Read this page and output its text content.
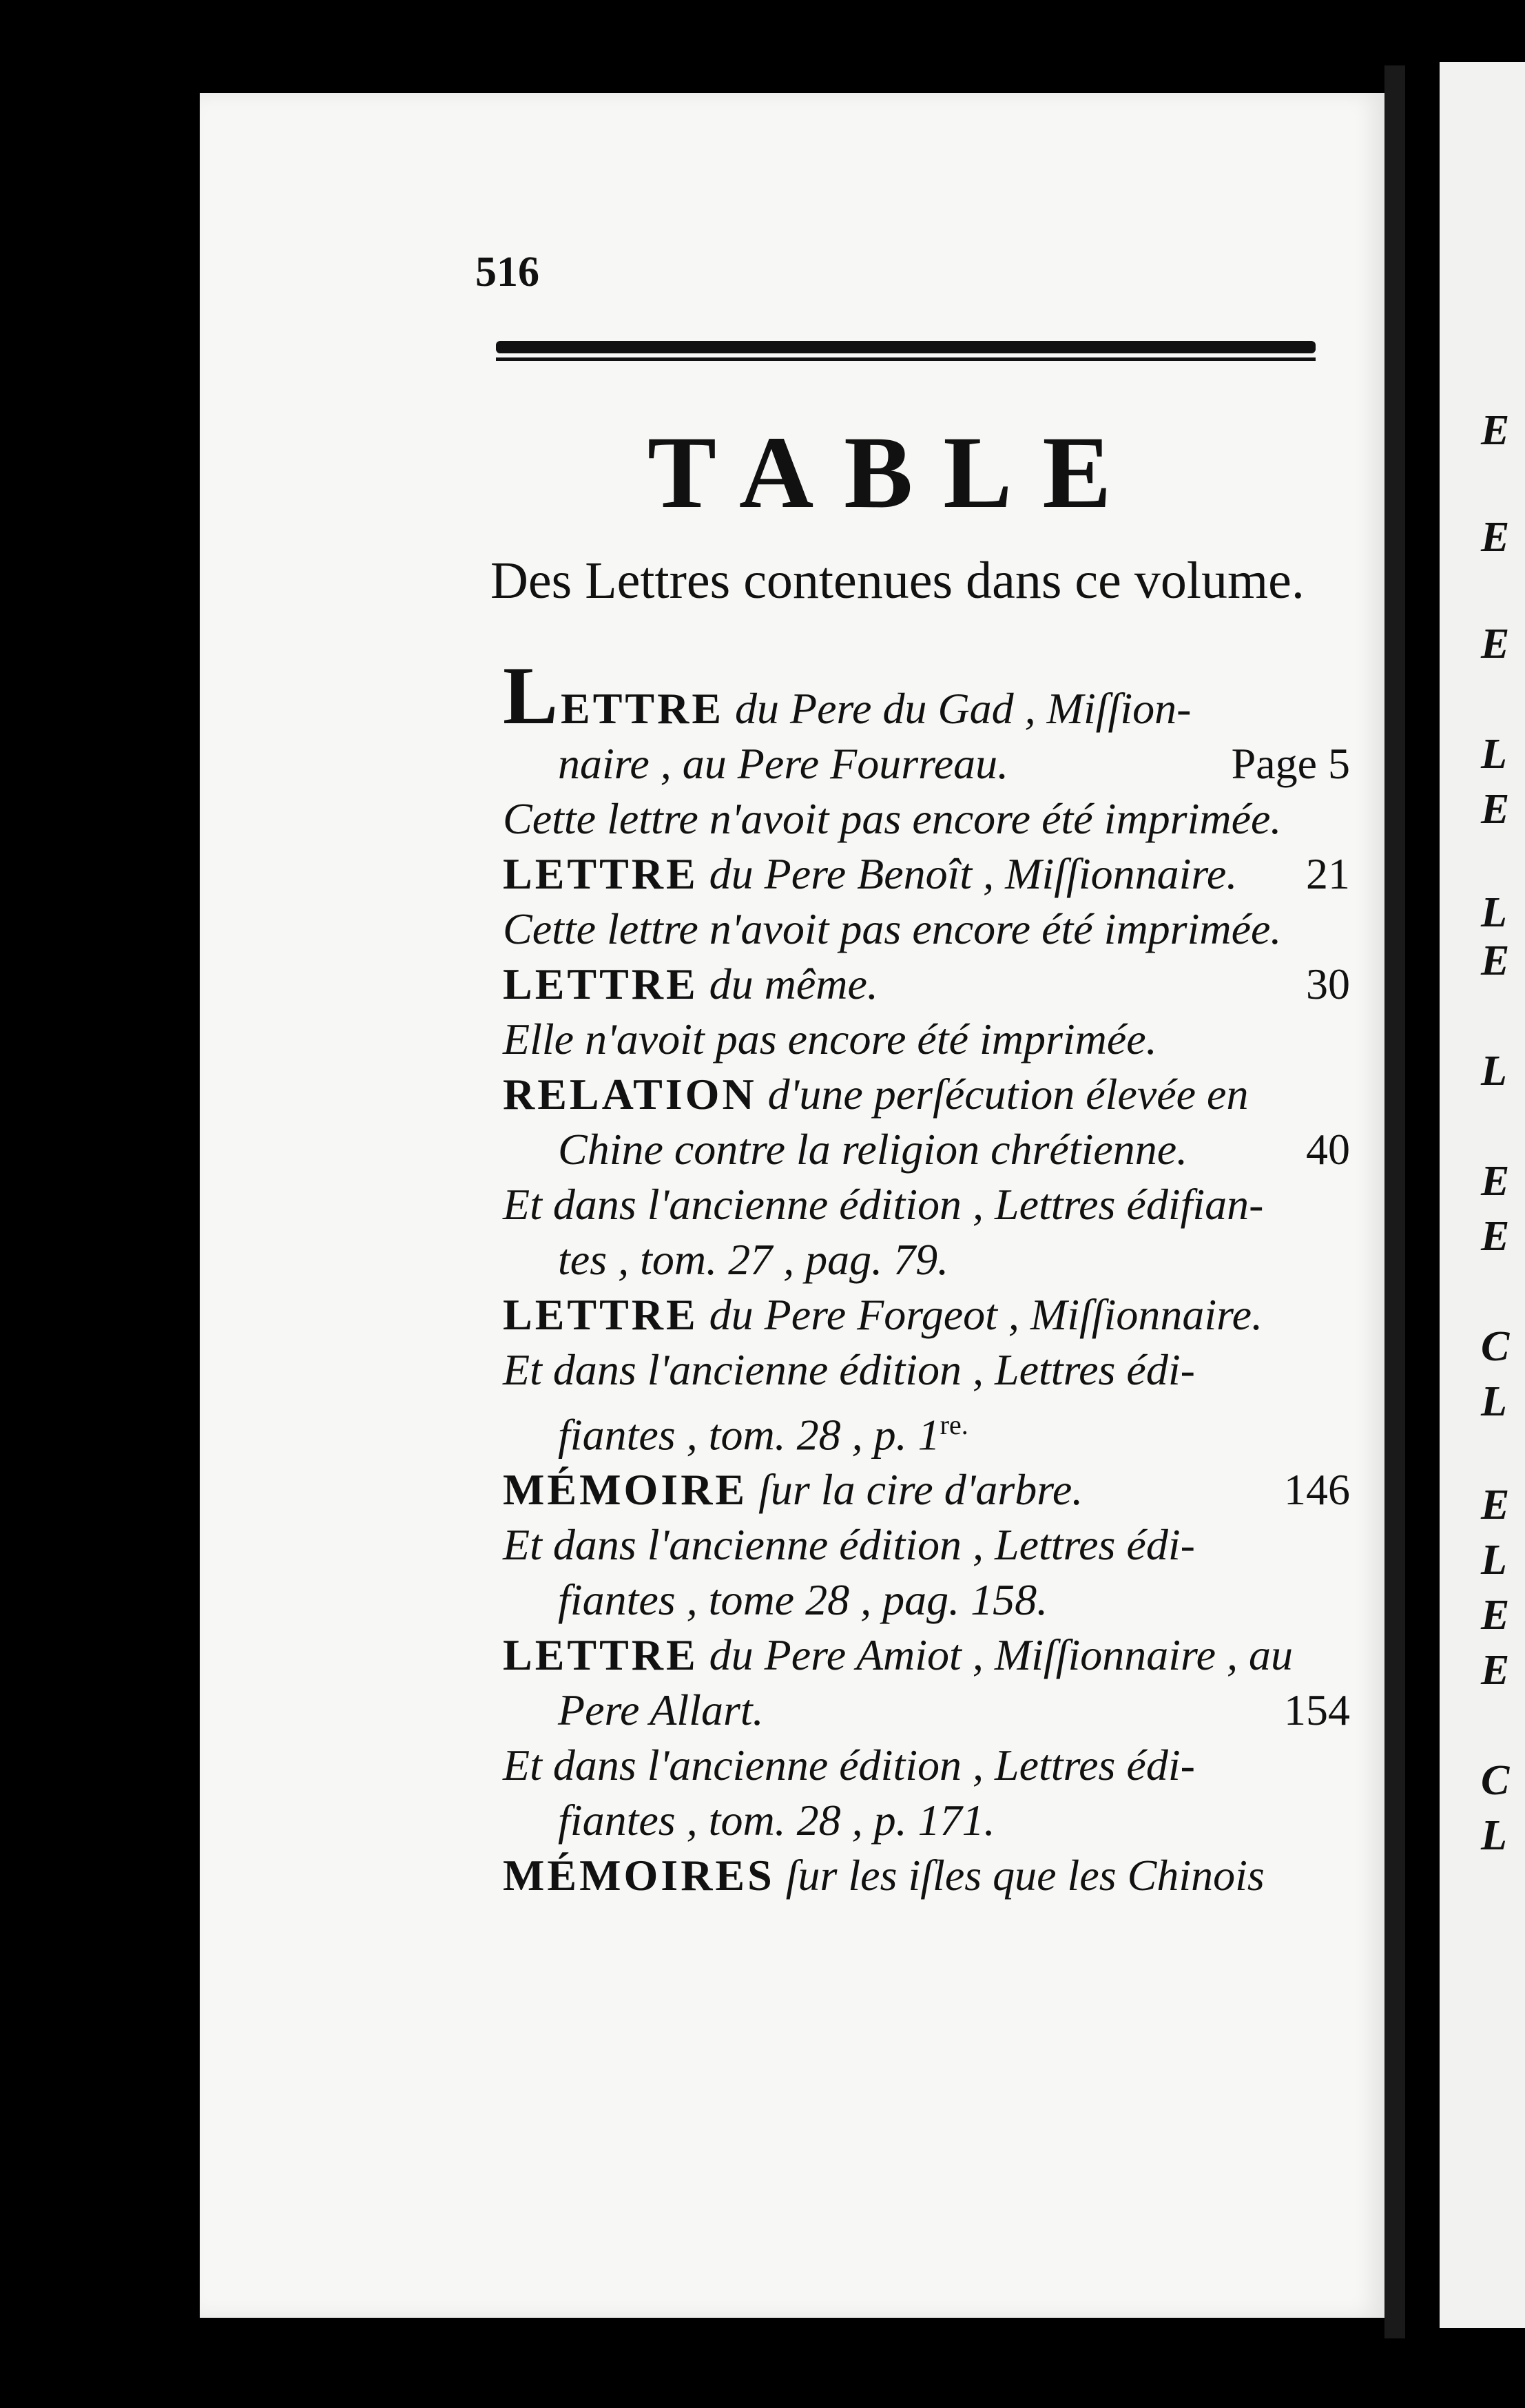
E
E
E
L
E
L
E
L
E
E
C
L
E
L
E
E
C
L
516
TABLE
Des Lettres contenues dans ce volume.
LETTRE du Pere du Gad , Miſſion-
naire , au Pere Fourreau.	Page 5
Cette lettre n'avoit pas encore été imprimée.
LETTRE du Pere Benoît , Miſſionnaire. 21
Cette lettre n'avoit pas encore été imprimée.
LETTRE du même.	30
Elle n'avoit pas encore été imprimée.
RELATION d'une perſécution élevée en
Chine contre la religion chrétienne.	40
Et dans l'ancienne édition , Lettres édifian-
tes , tom. 27 , pag. 79.
LETTRE du Pere Forgeot , Miſſionnaire.
Et dans l'ancienne édition , Lettres édi-
fiantes , tom. 28 , p. $1^{re.}$
MÉMOIRE ſur la cire d'arbre.	146
Et dans l'ancienne édition , Lettres édi-
fiantes , tome 28 , pag. 158.
LETTRE du Pere Amiot , Miſſionnaire , au
Pere Allart.	154
Et dans l'ancienne édition , Lettres édi-
fiantes , tom. 28 , p. 171.
MÉMOIRES ſur les iſles que les Chinois
